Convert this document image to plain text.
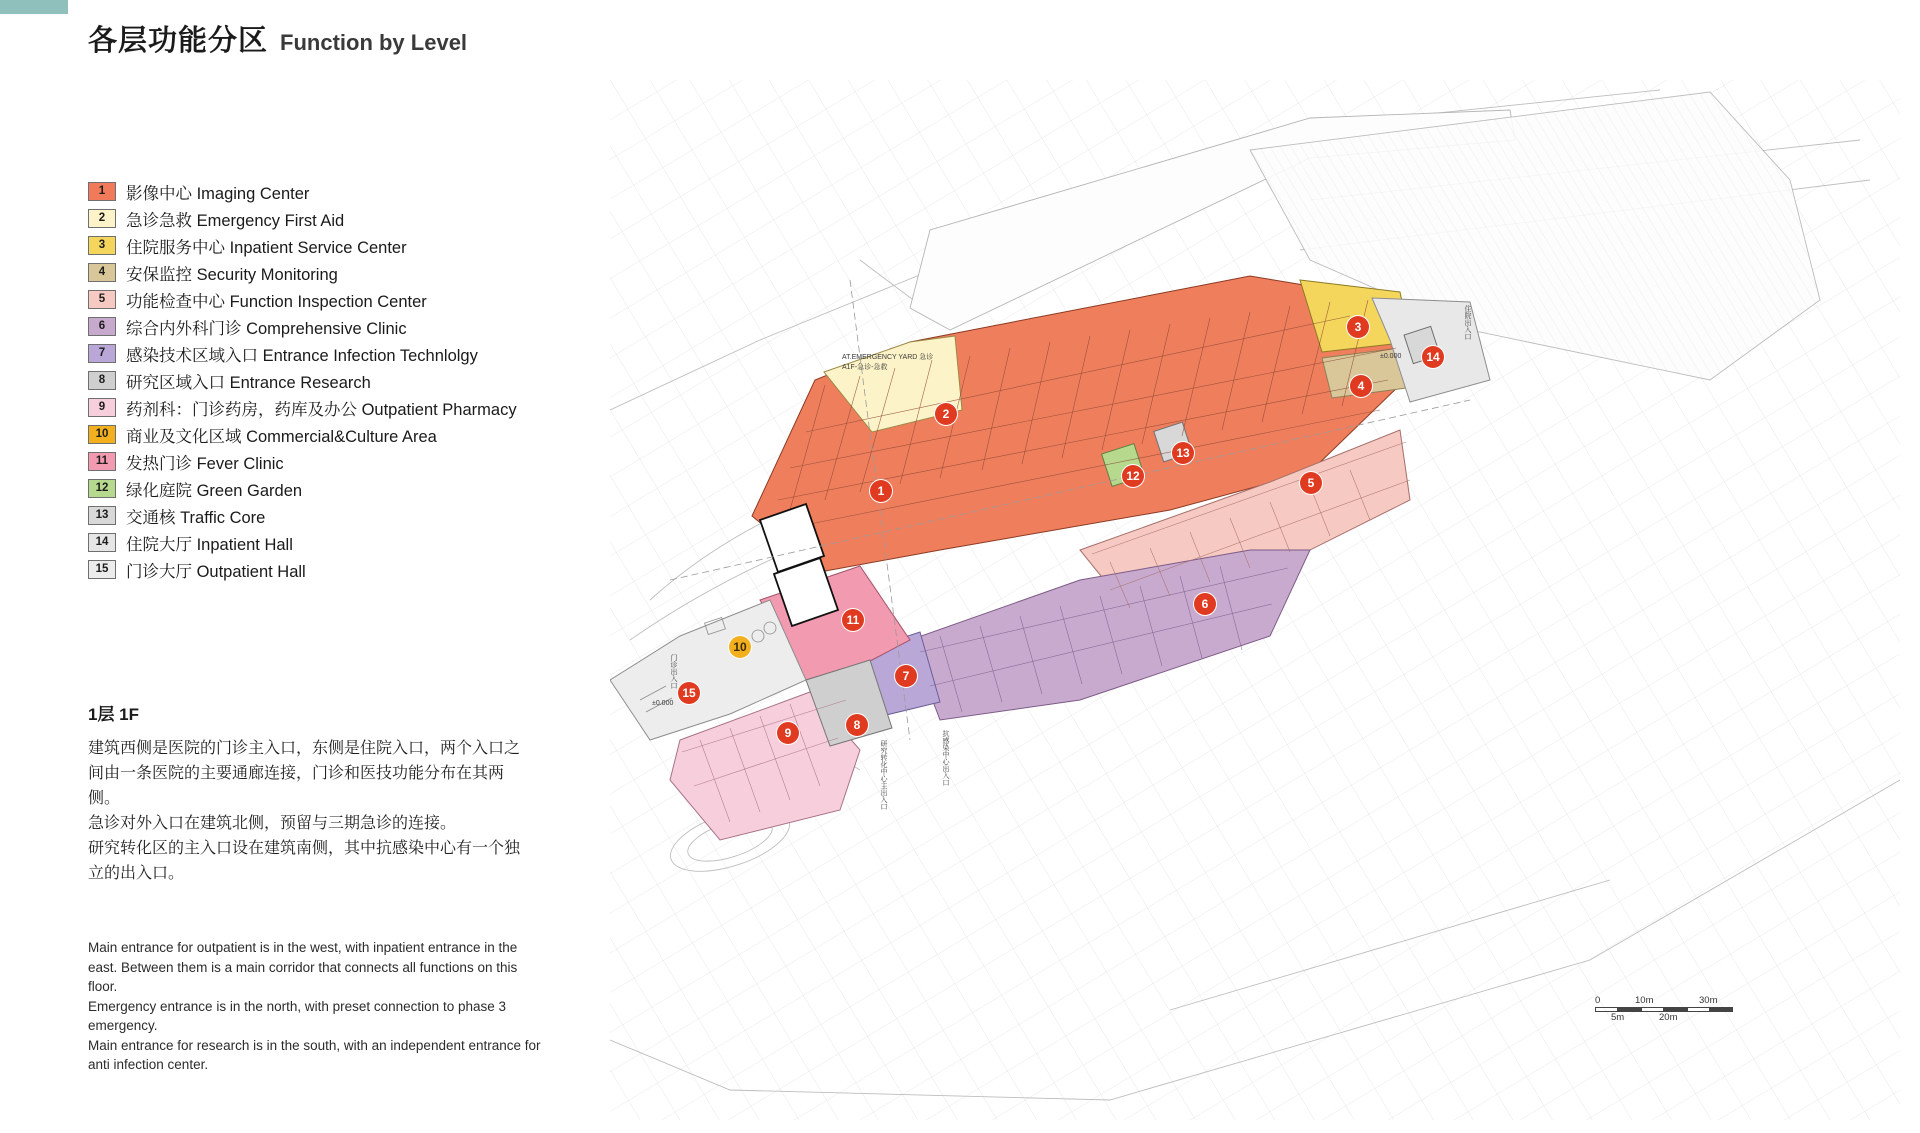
各层功能分区 Function by Level
1	影像中心 Imaging Center
2	急诊急救 Emergency First Aid
3	住院服务中心 Inpatient Service Center
4	安保监控 Security Monitoring
5	功能检查中心 Function Inspection Center
6	综合内外科门诊 Comprehensive Clinic
7	感染技术区域入口 Entrance Infection Technlolgy
8	研究区域入口 Entrance Research
9	药剂科：门诊药房，药库及办公 Outpatient Pharmacy
10	商业及文化区域 Commercial&Culture Area
11	发热门诊 Fever Clinic
12	绿化庭院 Green Garden
13	交通核 Traffic Core
14	住院大厅 Inpatient Hall
15	门诊大厅 Outpatient Hall
1层 1F
建筑西侧是医院的门诊主入口，东侧是住院入口，两个入口之间由一条医院的主要通廊连接，门诊和医技功能分布在其两侧。
急诊对外入口在建筑北侧，预留与三期急诊的连接。
研究转化区的主入口设在建筑南侧，其中抗感染中心有一个独立的出入口。
Main entrance for outpatient is in the west, with inpatient entrance in the east. Between them is a main corridor that connects all functions on this floor.
Emergency entrance is in the north, with preset connection to phase 3 emergency.
Main entrance for research is in the south, with an independent entrance for anti infection center.
1
2
3
4
5
6
7
8
9
10
11
12
13
14
15
±0.000
±0.000
AT.EMERGENCY YARD 急诊
A1F-急诊-急救
住院出入口
门诊出入口
研究转化中心主出入口	抗感染中心出入口
0	10m	30m
5m	20m
